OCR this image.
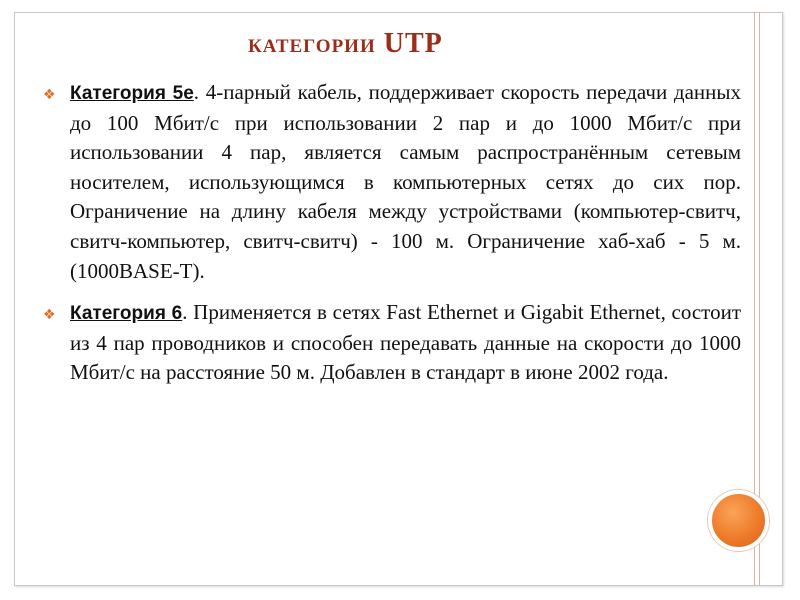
КАТЕГОРИИ UTP
❖ Категория 5е. 4-парный кабель, поддерживает скорость передачи данных до 100 Мбит/с при использовании 2 пар и до 1000 Мбит/с при использовании 4 пар, является самым распространённым сетевым носителем, использующимся в компьютерных сетях до сих пор. Ограничение на длину кабеля между устройствами (компьютер-свитч, свитч-компьютер, свитч-свитч) - 100 м. Ограничение хаб-хаб - 5 м. (1000BASE-T).
❖ Категория 6. Применяется в сетях Fast Ethernet и Gigabit Ethernet, состоит из 4 пар проводников и способен передавать данные на скорости до 1000 Мбит/с на расстояние 50 м. Добавлен в стандарт в июне 2002 года.
